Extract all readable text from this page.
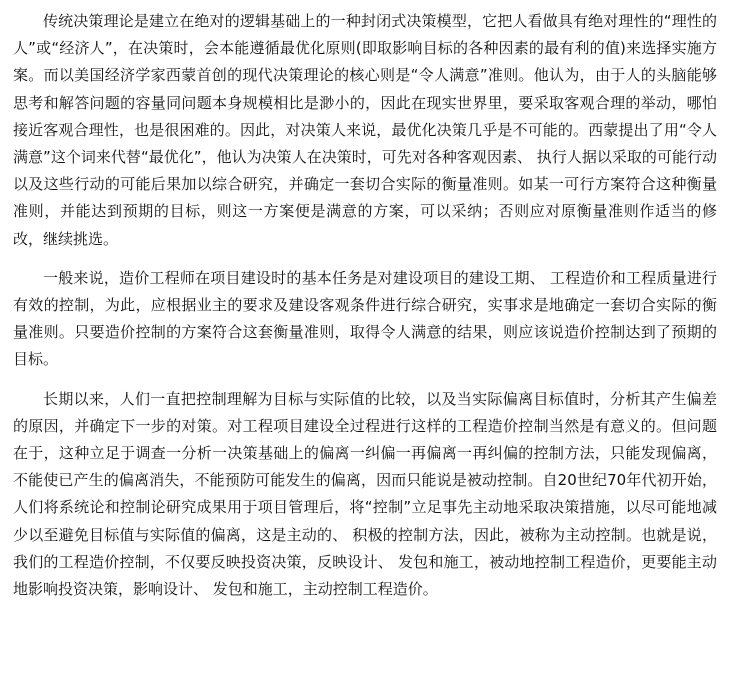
传统决策理论是建立在绝对的逻辑基础上的一种封闭式决策模型，它把人看做具有绝对理性的“理性的人”或“经济人”，在决策时，会本能遵循最优化原则(即取影响目标的各种因素的最有利的值)来选择实施方案。而以美国经济学家西蒙首创的现代决策理论的核心则是“令人满意”准则。他认为，由于人的头脑能够思考和解答问题的容量同问题本身规模相比是渺小的，因此在现实世界里，要采取客观合理的举动，哪怕接近客观合理性，也是很困难的。因此，对决策人来说，最优化决策几乎是不可能的。西蒙提出了用“令人满意”这个词来代替“最优化”，他认为决策人在决策时，可先对各种客观因素、 执行人据以采取的可能行动以及这些行动的可能后果加以综合研究，并确定一套切合实际的衡量准则。如某一可行方案符合这种衡量准则，并能达到预期的目标，则这一方案便是满意的方案，可以采纳；否则应对原衡量准则作适当的修改，继续挑选。

一般来说，造价工程师在项目建设时的基本任务是对建设项目的建设工期、 工程造价和工程质量进行有效的控制，为此，应根据业主的要求及建设客观条件进行综合研究，实事求是地确定一套切合实际的衡量准则。只要造价控制的方案符合这套衡量准则，取得令人满意的结果，则应该说造价控制达到了预期的目标。

长期以来，人们一直把控制理解为目标与实际值的比较，以及当实际偏离目标值时，分析其产生偏差的原因，并确定下一步的对策。对工程项目建设全过程进行这样的工程造价控制当然是有意义的。但问题在于，这种立足于调查一分析一决策基础上的偏离一纠偏一再偏离一再纠偏的控制方法，只能发现偏离，不能使已产生的偏离消失，不能预防可能发生的偏离，因而只能说是被动控制。自20世纪70年代初开始，人们将系统论和控制论研究成果用于项目管理后，将“控制”立足事先主动地采取决策措施，以尽可能地减少以至避免目标值与实际值的偏离，这是主动的、 积极的控制方法，因此，被称为主动控制。也就是说，我们的工程造价控制，不仅要反映投资决策，反映设计、 发包和施工，被动地控制工程造价，更要能主动地影响投资决策，影响设计、 发包和施工，主动控制工程造价。
